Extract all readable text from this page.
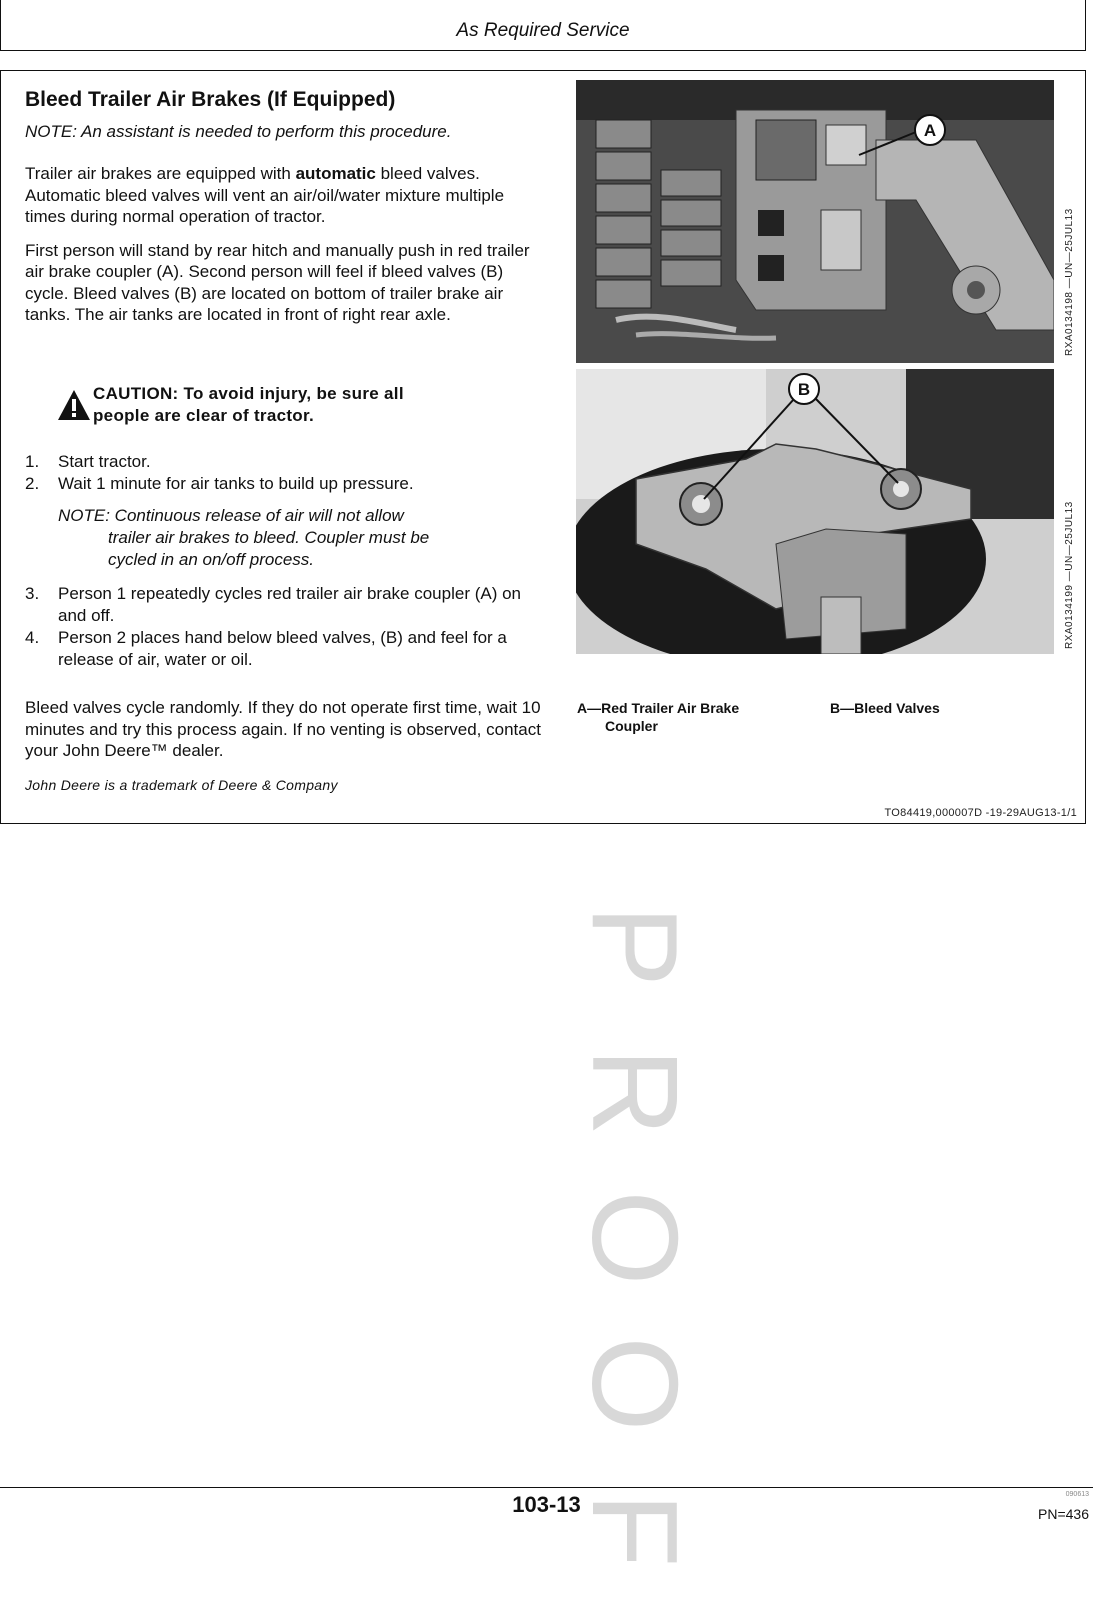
As Required Service
Bleed Trailer Air Brakes (If Equipped)

NOTE: An assistant is needed to perform this procedure.

Trailer air brakes are equipped with automatic bleed valves. Automatic bleed valves will vent an air/oil/water mixture multiple times during normal operation of tractor.

First person will stand by rear hitch and manually push in red trailer air brake coupler (A). Second person will feel if bleed valves (B) cycle. Bleed valves (B) are located on bottom of trailer brake air tanks. The air tanks are located in front of right rear axle.

CAUTION: To avoid injury, be sure all
people are clear of tractor.
1. Start tractor.
2. Wait 1 minute for air tanks to build up pressure.
NOTE: Continuous release of air will not allow
trailer air brakes to bleed. Coupler must be
cycled in an on/off process.
3. Person 1 repeatedly cycles red trailer air brake coupler (A) on and off.
4. Person 2 places hand below bleed valves, (B) and feel for a release of air, water or oil.

Bleed valves cycle randomly. If they do not operate first time, wait 10 minutes and try this process again. If no venting is observed, contact your John Deere™ dealer.

John Deere is a trademark of Deere & Company
A
RXA0134198 —UN—25JUL13
B
RXA0134199 —UN—25JUL13
A—Red Trailer Air Brake
Coupler
B—Bleed Valves
TO84419,000007D -19-29AUG13-1/1
P
R
O
O
F
103-13	090613
PN=436
